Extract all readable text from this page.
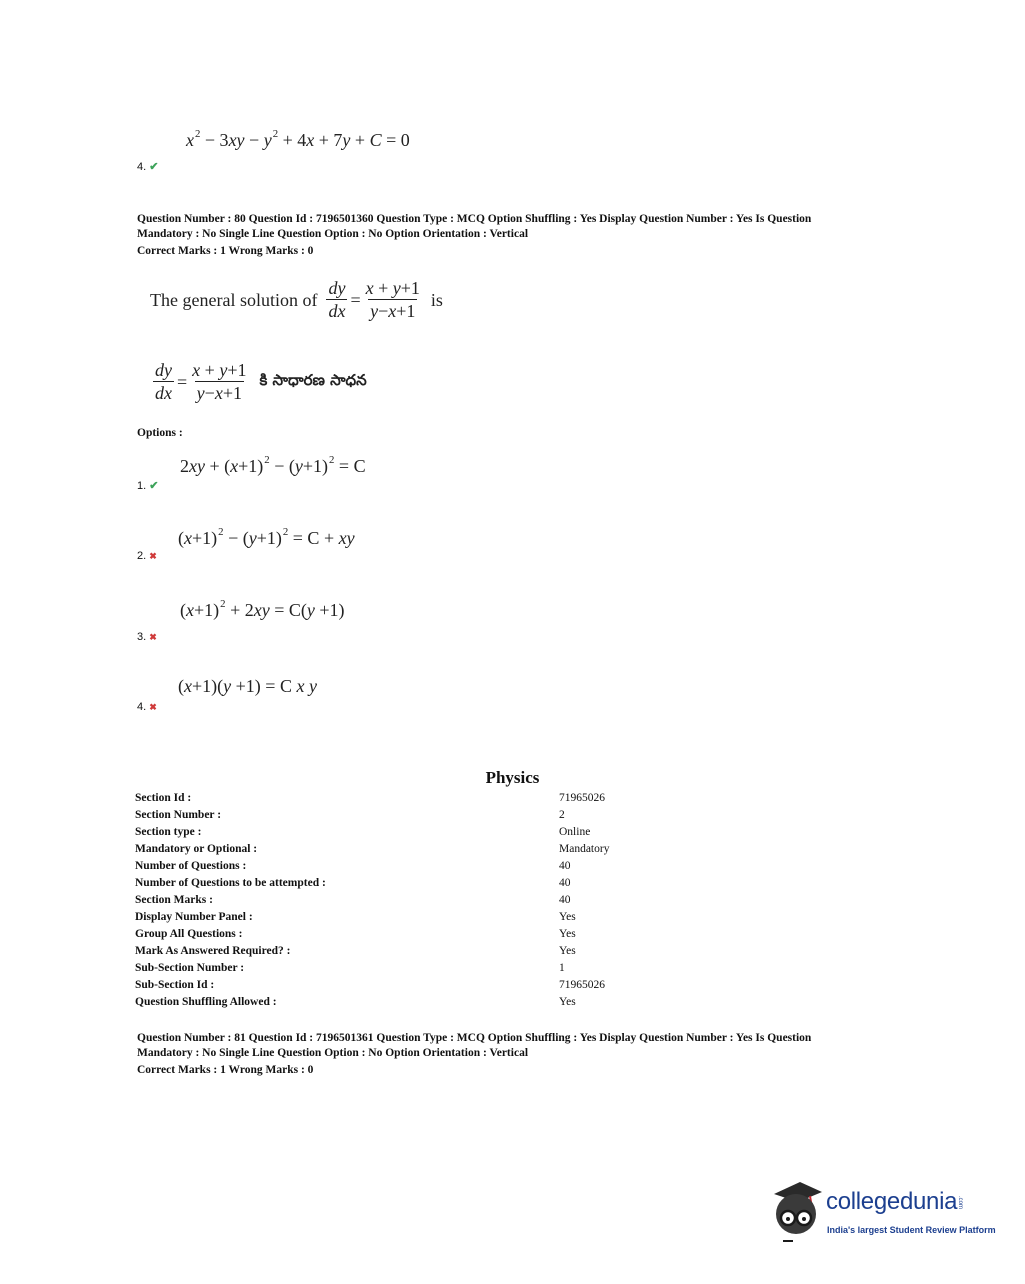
$x^2 - 3xy - y^2 + 4x + 7y + C = 0$
4. ✔
Question Number : 80 Question Id : 7196501360 Question Type : MCQ Option Shuffling : Yes Display Question Number : Yes Is Question
Mandatory : No Single Line Question Option : No Option Orientation : Vertical
Correct Marks : 1 Wrong Marks : 0
The general solution of $\frac{dy}{dx} = \frac{x + y+1}{y-x+1}$ is
$\frac{dy}{dx} = \frac{x + y+1}{y-x+1}$ కి సాధారణ సాధన
Options :
$2xy + (x+1)^2 - (y+1)^2 = C$
1. ✔
$(x+1)^2 - (y+1)^2 = C$ + xy
2. ✖
$(x+1)^2 + 2xy = C(y +1)$
3. ✖
(x+1)(y +1) = C x y
4. ✖
Physics
Section Id :	71965026
Section Number :	2
Section type :	Online
Mandatory or Optional :	Mandatory
Number of Questions :	40
Number of Questions to be attempted :	40
Section Marks :	40
Display Number Panel :	Yes
Group All Questions :	Yes
Mark As Answered Required? :	Yes
Sub-Section Number :	1
Sub-Section Id :	71965026
Question Shuffling Allowed :	Yes
Question Number : 81 Question Id : 7196501361 Question Type : MCQ Option Shuffling : Yes Display Question Number : Yes Is Question
Mandatory : No Single Line Question Option : No Option Orientation : Vertical
Correct Marks : 1 Wrong Marks : 0
collegedunia.com
India's largest Student Review Platform
